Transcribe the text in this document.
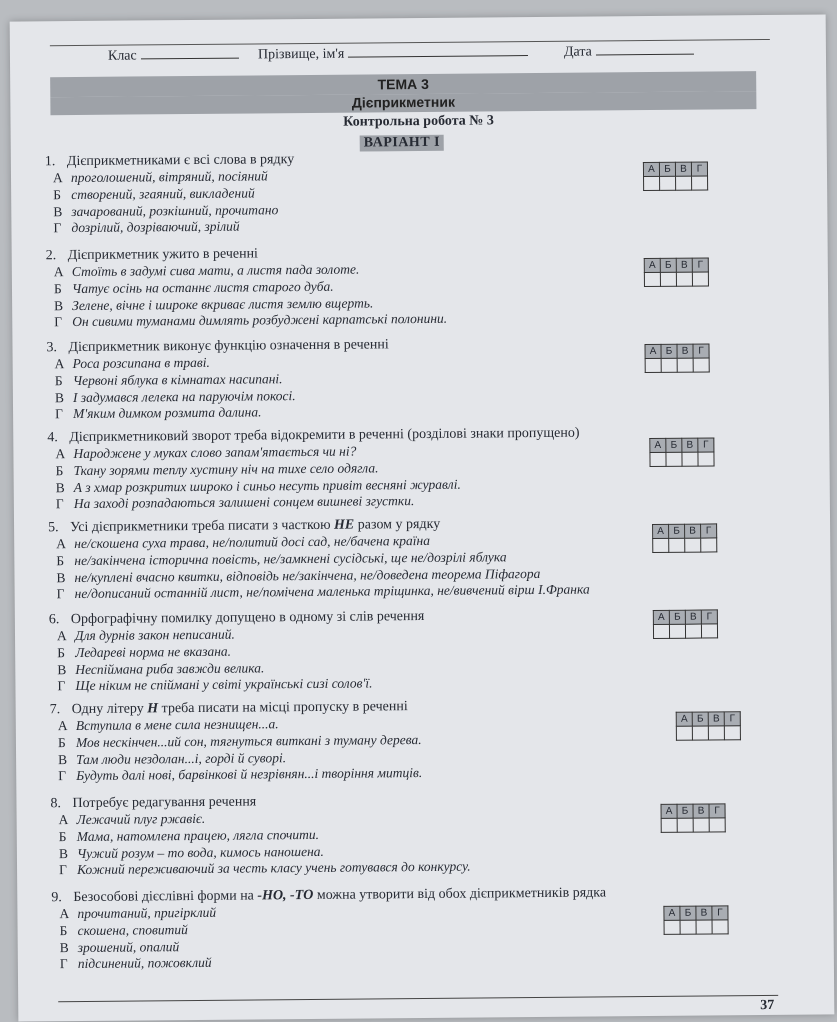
Клас	Прізвище, ім'я	Дата
ТЕМА 3
Дієприкметник
Контрольна робота № 3
ВАРІАНТ І
1. Дієприкметниками є всі слова в рядку
А проголошений, вітряний, посіяний
Б створений, згаяний, викладений
В зачарований, розкішний, прочитано
Г дозрілий, дозріваючий, зрілий
А	Б	В	Г

2. Дієприкметник ужито в реченні
А Стоїть в задумі сива мати, а листя пада золоте.
Б Чатує осінь на останнє листя старого дуба.
В Зелене, вічне і широке вкриває листя землю вщерть.
Г Он сивими туманами димлять розбуджені карпатські полонини.
А	Б	В	Г

3. Дієприкметник виконує функцію означення в реченні
А Роса розсипана в траві.
Б Червоні яблука в кімнатах насипані.
В І задумався лелека на паруючім покосі.
Г М'яким димком розмита далина.
А	Б	В	Г

4. Дієприкметниковий зворот треба відокремити в реченні (розділові знаки пропущено)
А Народжене у муках слово запам'ятається чи ні?
Б Ткану зорями теплу хустину ніч на тихе село одягла.
В А з хмар розкритих широко і синьо несуть привіт весняні журавлі.
Г На заході розпадаються залишені сонцем вишневі згустки.
А	Б	В	Г

5. Усі дієприкметники треба писати з часткою НЕ разом у рядку
А не/скошена суха трава, не/политий досі сад, не/бачена країна
Б не/закінчена історична повість, не/замкнені сусідські, ще не/дозрілі яблука
В не/куплені вчасно квитки, відповідь не/закінчена, не/доведена теорема Піфагора
Г не/дописаний останній лист, не/помічена маленька тріщинка, не/вивчений вірш І.Франка
А	Б	В	Г

6. Орфографічну помилку допущено в одному зі слів речення
А Для дурнів закон неписаний.
Б Ледареві норма не вказана.
В Неспіймана риба завжди велика.
Г Ще ніким не спіймані у світі українські сизі солов'ї.
А	Б	В	Г

7. Одну літеру Н треба писати на місці пропуску в реченні
А Вступила в мене сила незнищен...а.
Б Мов нескінчен...ий сон, тягнуться виткані з туману дерева.
В Там люди нездолан...і, горді й суворі.
Г Будуть далі нові, барвінкові й незрівнян...і творіння митців.
А	Б	В	Г

8. Потребує редагування речення
А Лежачий плуг ржавіє.
Б Мама, натомлена працею, лягла спочити.
В Чужий розум – то вода, кимось наношена.
Г Кожний переживаючий за честь класу учень готувався до конкурсу.
А	Б	В	Г

9. Безособові дієслівні форми на -НО, -ТО можна утворити від обох дієприкметників рядка
А прочитаний, пригірклий
Б скошена, сповитий
В зрошений, опалий
Г підсинений, пожовклий
А	Б	В	Г

37
